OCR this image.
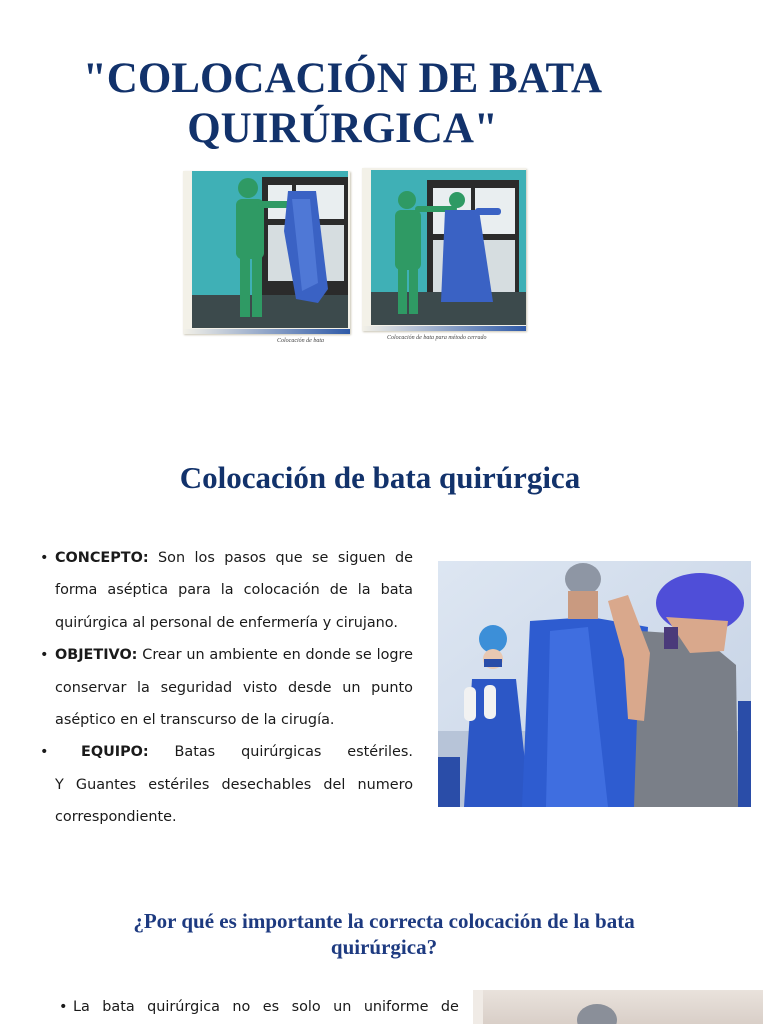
"COLOCACIÓN DE BATA QUIRÚRGICA"
Colocación de bata	Colocación de bata para método cerrado
Colocación de bata quirúrgica
• CONCEPTO: Son los pasos que se siguen de forma aséptica para la colocación de la bata quirúrgica al personal de enfermería y cirujano.
• OBJETIVO: Crear un ambiente en donde se logre conservar la seguridad visto desde un punto aséptico en el transcurso de la cirugía.
• EQUIPO: Batas quirúrgicas estériles.
Y Guantes estériles desechables del numero correspondiente.
¿Por qué es importante la correcta colocación de la bata quirúrgica?
• La bata quirúrgica no es solo un uniforme de
